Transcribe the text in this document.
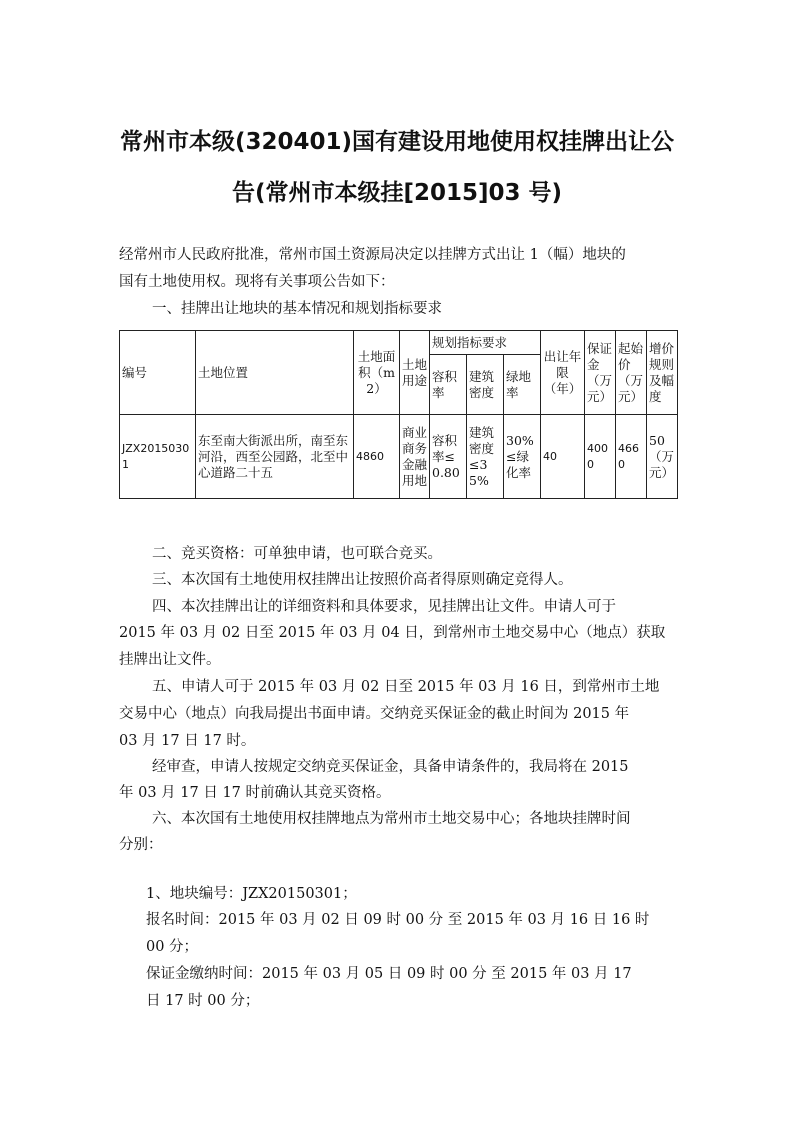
常州市本级(320401)国有建设用地使用权挂牌出让公
告(常州市本级挂[2015]03 号)
经常州市人民政府批准，常州市国土资源局决定以挂牌方式出让 1（幅）地块的
国有土地使用权。现将有关事项公告如下：
一、挂牌出让地块的基本情况和规划指标要求
编号	土地位置	土地面积（m2）	土地用途	规划指标要求			出让年限（年）	保证金（万元）	起始价（万元）	增价规则及幅度
				容积率	建筑密度	绿地率				
JZX20150301	东至南大街派出所，南至东河沿，西至公园路，北至中心道路二十五	4860	商业商务金融用地	容积率≤0.80	建筑密度≤35%	30%≤绿化率	40	4000	4660	50（万元）
二、竞买资格：可单独申请，也可联合竞买。
三、本次国有土地使用权挂牌出让按照价高者得原则确定竞得人。
四、本次挂牌出让的详细资料和具体要求，见挂牌出让文件。申请人可于
2015 年 03 月 02 日至 2015 年 03 月 04 日，到常州市土地交易中心（地点）获取
挂牌出让文件。
五、申请人可于 2015 年 03 月 02 日至 2015 年 03 月 16 日，到常州市土地
交易中心（地点）向我局提出书面申请。交纳竞买保证金的截止时间为 2015 年
03 月 17 日 17 时。
经审查，申请人按规定交纳竞买保证金，具备申请条件的，我局将在 2015
年 03 月 17 日 17 时前确认其竞买资格。
六、本次国有土地使用权挂牌地点为常州市土地交易中心；各地块挂牌时间
分别：
1、地块编号：JZX20150301；
报名时间：2015 年 03 月 02 日 09 时 00 分 至 2015 年 03 月 16 日 16 时
00 分；
保证金缴纳时间：2015 年 03 月 05 日 09 时 00 分 至 2015 年 03 月 17
日 17 时 00 分；
